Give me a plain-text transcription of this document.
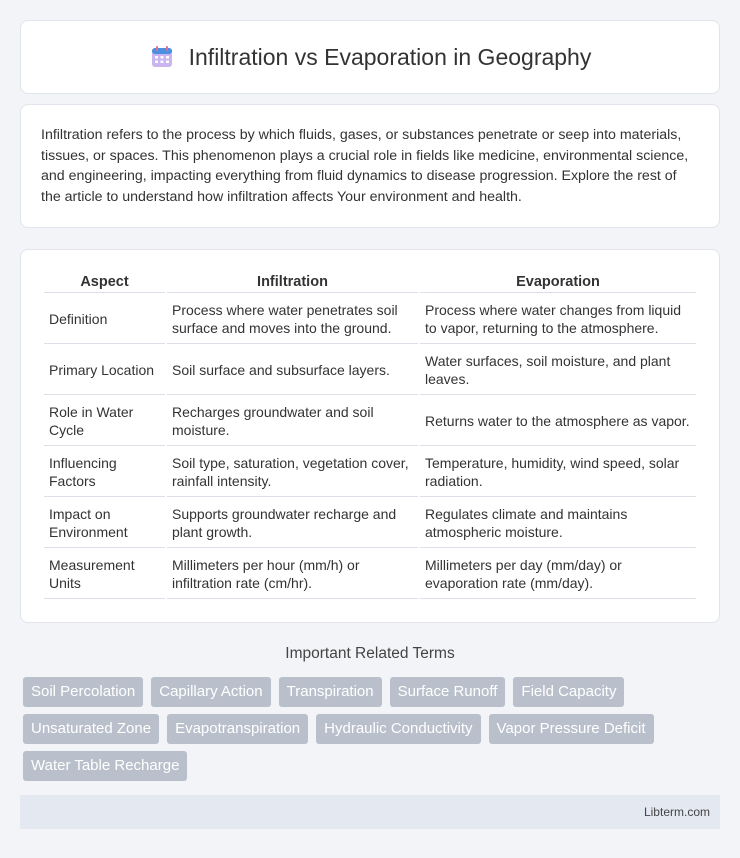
Infiltration vs Evaporation in Geography

Infiltration refers to the process by which fluids, gases, or substances penetrate or seep into materials, tissues, or spaces. This phenomenon plays a crucial role in fields like medicine, environmental science, and engineering, impacting everything from fluid dynamics to disease progression. Explore the rest of the article to understand how infiltration affects Your environment and health.

Aspect	Infiltration	Evaporation
Definition	Process where water penetrates soil surface and moves into the ground.	Process where water changes from liquid to vapor, returning to the atmosphere.
Primary Location	Soil surface and subsurface layers.	Water surfaces, soil moisture, and plant leaves.
Role in Water Cycle	Recharges groundwater and soil moisture.	Returns water to the atmosphere as vapor.
Influencing Factors	Soil type, saturation, vegetation cover, rainfall intensity.	Temperature, humidity, wind speed, solar radiation.
Impact on Environment	Supports groundwater recharge and plant growth.	Regulates climate and maintains atmospheric moisture.
Measurement Units	Millimeters per hour (mm/h) or infiltration rate (cm/hr).	Millimeters per day (mm/day) or evaporation rate (mm/day).
Important Related Terms
Soil Percolation	Capillary Action	Transpiration	Surface Runoff	Field Capacity
Unsaturated Zone	Evapotranspiration	Hydraulic Conductivity	Vapor Pressure Deficit
Water Table Recharge
Libterm.com
